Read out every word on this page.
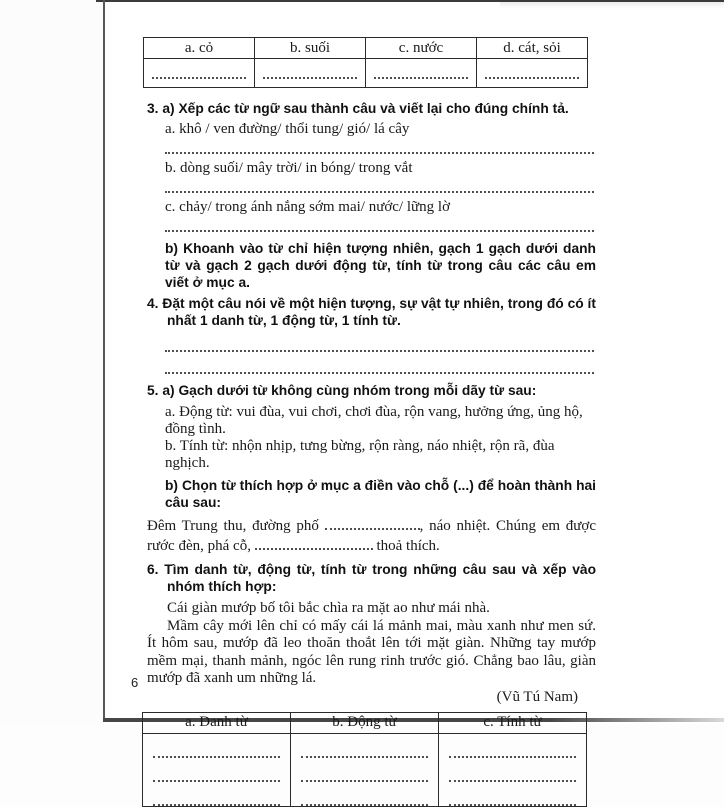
a. cỏ	b. suối	c. nước	d. cát, sỏi

3. a) Xếp các từ ngữ sau thành câu và viết lại cho đúng chính tả.
a. khô / ven đường/ thổi tung/ gió/ lá cây
b. dòng suối/ mây trời/ in bóng/ trong vắt
c. chảy/ trong ánh nắng sớm mai/ nước/ lững lờ
b) Khoanh vào từ chỉ hiện tượng nhiên, gạch 1 gạch dưới danh từ và gạch 2 gạch dưới động từ, tính từ trong câu các câu em viết ở mục a.
4. Đặt một câu nói về một hiện tượng, sự vật tự nhiên, trong đó có ít nhất 1 danh từ, 1 động từ, 1 tính từ.
5. a) Gạch dưới từ không cùng nhóm trong mỗi dãy từ sau:
a. Động từ: vui đùa, vui chơi, chơi đùa, rộn vang, hưởng ứng, ủng hộ, đồng tình.
b. Tính từ: nhộn nhịp, tưng bừng, rộn ràng, náo nhiệt, rộn rã, đùa nghịch.
b) Chọn từ thích hợp ở mục a điền vào chỗ (...) để hoàn thành hai câu sau:
Đêm Trung thu, đường phố	, náo nhiệt. Chúng em được rước đèn, phá cỗ,	thoả thích.
6. Tìm danh từ, động từ, tính từ trong những câu sau và xếp vào nhóm thích hợp:
Cái giàn mướp bố tôi bắc chìa ra mặt ao như mái nhà.
Mầm cây mới lên chỉ có mấy cái lá mảnh mai, màu xanh như men sứ. Ít hôm sau, mướp đã leo thoăn thoắt lên tới mặt giàn. Những tay mướp mềm mại, thanh mảnh, ngóc lên rung rinh trước gió. Chẳng bao lâu, giàn mướp đã xanh um những lá.
(Vũ Tú Nam)
a. Danh từ	b. Động từ	c. Tính từ

6
